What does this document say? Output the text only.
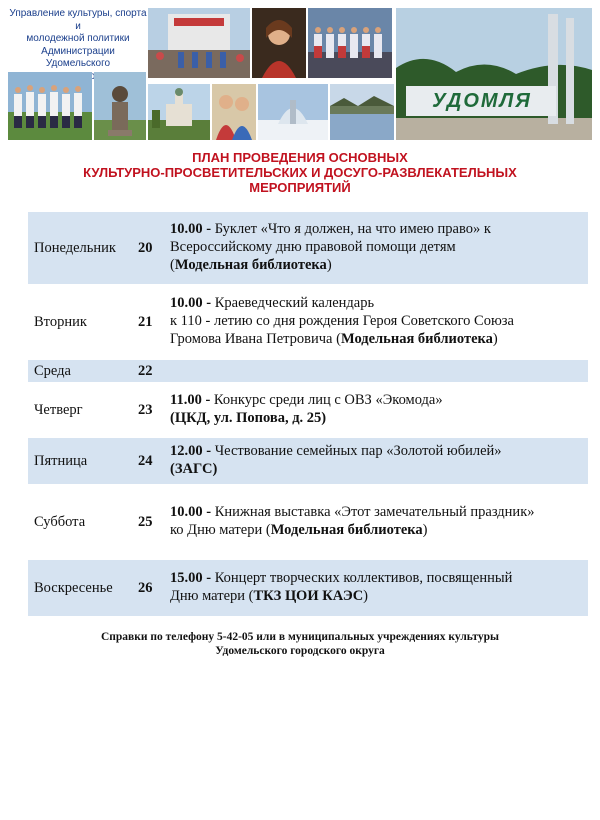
Управление культуры, спорта и
молодежной политики
Администрации Удомельского
УДОМЛЯ
ПЛАН ПРОВЕДЕНИЯ ОСНОВНЫХ
КУЛЬТУРНО-ПРОСВЕТИТЕЛЬСКИХ И ДОСУГО-РАЗВЛЕКАТЕЛЬНЫХ
МЕРОПРИЯТИЙ
Понедельник	20	10.00 - Буклет «Что я должен, на что имею право» к
Всероссийскому дню правовой помощи детям
(Модельная библиотека)
Вторник	21	10.00 - Краеведческий календарь
к 110 - летию со дня рождения Героя Советского Союза
Громова Ивана Петровича (Модельная библиотека)
Среда	22	
Четверг	23	11.00 - Конкурс среди лиц с ОВЗ «Экомода»
(ЦКД, ул. Попова, д. 25)
Пятница	24	12.00 - Чествование семейных пар «Золотой юбилей»
(ЗАГС)
Суббота	25	10.00 - Книжная выставка «Этот замечательный праздник»
ко Дню матери (Модельная библиотека)
Воскресенье	26	15.00 - Концерт творческих коллективов, посвященный
Дню матери (ТКЗ ЦОИ КАЭС)
Справки по телефону 5-42-05 или в муниципальных учреждениях культуры
Удомельского городского округа
